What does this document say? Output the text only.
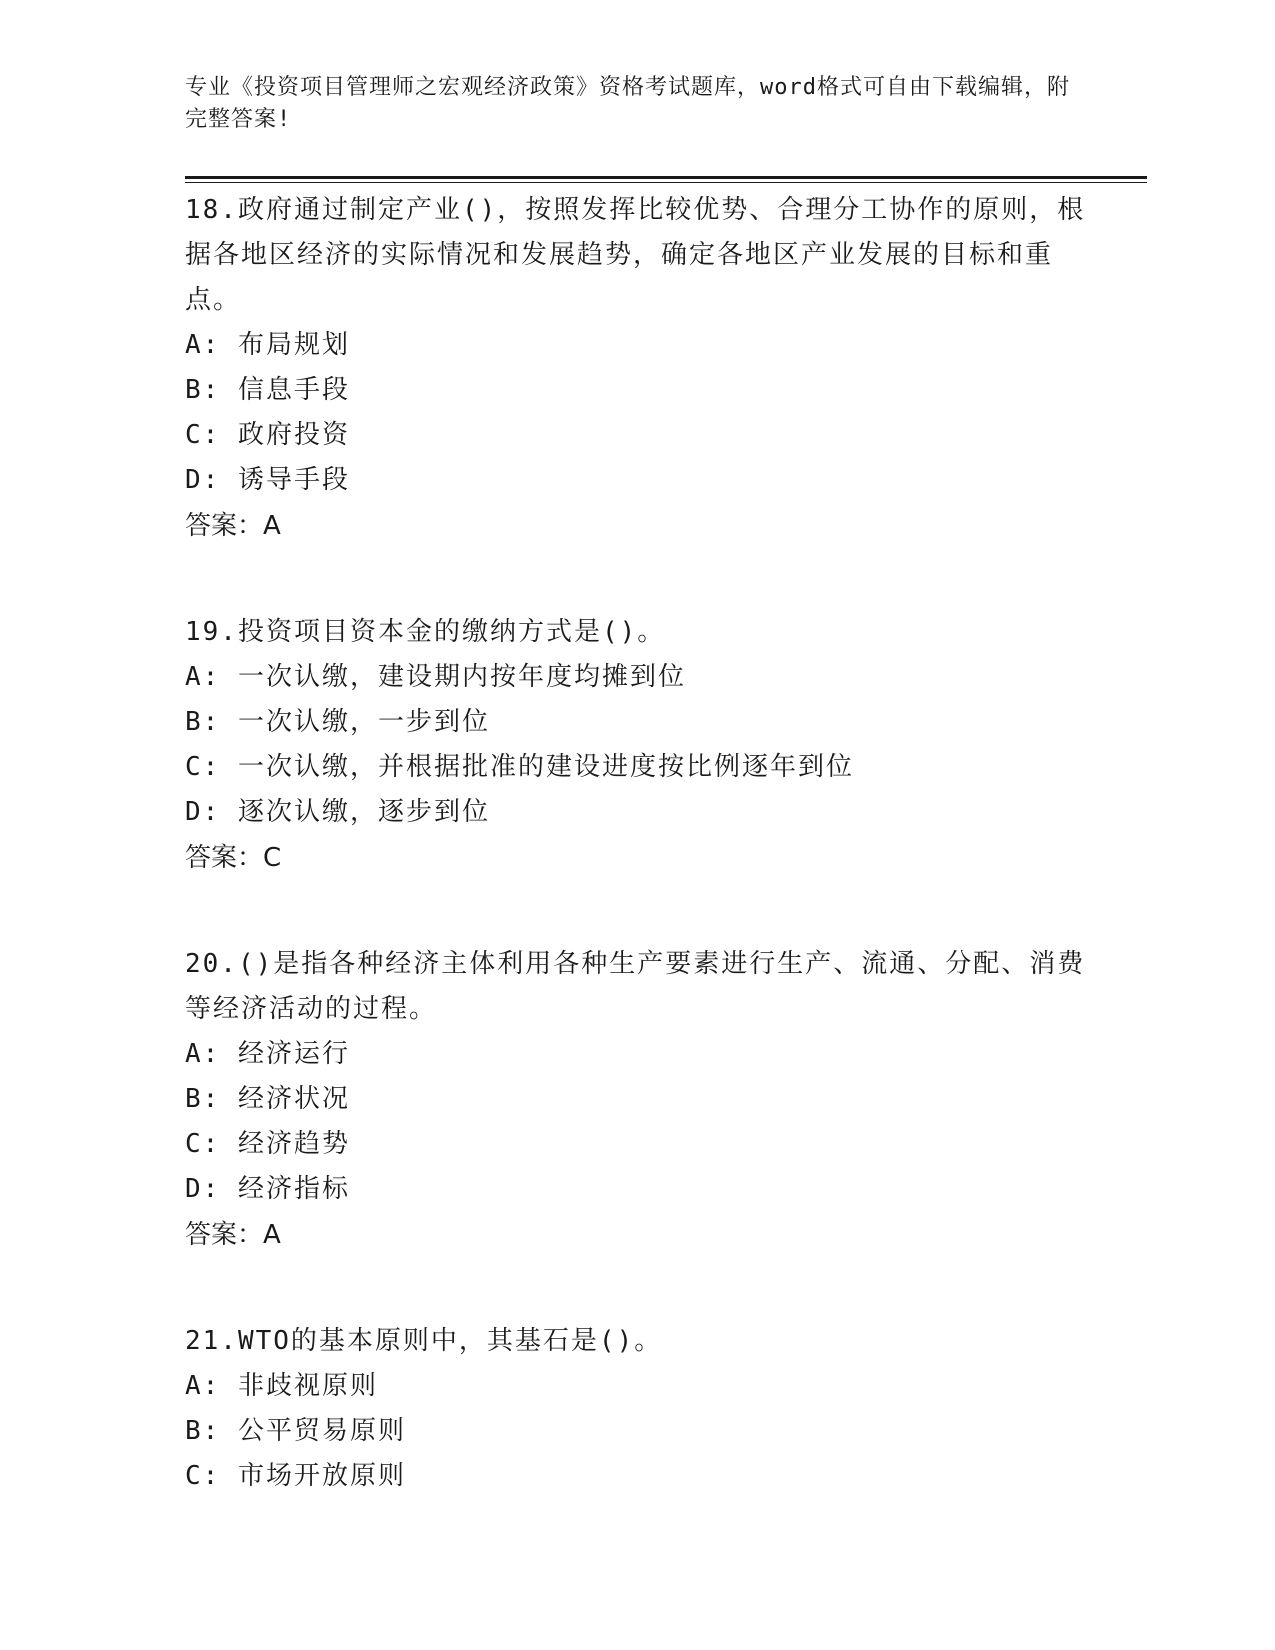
专业《投资项目管理师之宏观经济政策》资格考试题库，word格式可自由下载编辑，附完整答案!

18.政府通过制定产业()，按照发挥比较优势、合理分工协作的原则，根据各地区经济的实际情况和发展趋势，确定各地区产业发展的目标和重点。

A: 布局规划

B: 信息手段

C: 政府投资

D: 诱导手段

答案：A

19.投资项目资本金的缴纳方式是()。

A: 一次认缴，建设期内按年度均摊到位

B: 一次认缴，一步到位

C: 一次认缴，并根据批准的建设进度按比例逐年到位

D: 逐次认缴，逐步到位

答案：C

20.()是指各种经济主体利用各种生产要素进行生产、流通、分配、消费等经济活动的过程。

A: 经济运行

B: 经济状况

C: 经济趋势

D: 经济指标

答案：A

21.WTO的基本原则中，其基石是()。

A: 非歧视原则

B: 公平贸易原则

C: 市场开放原则
